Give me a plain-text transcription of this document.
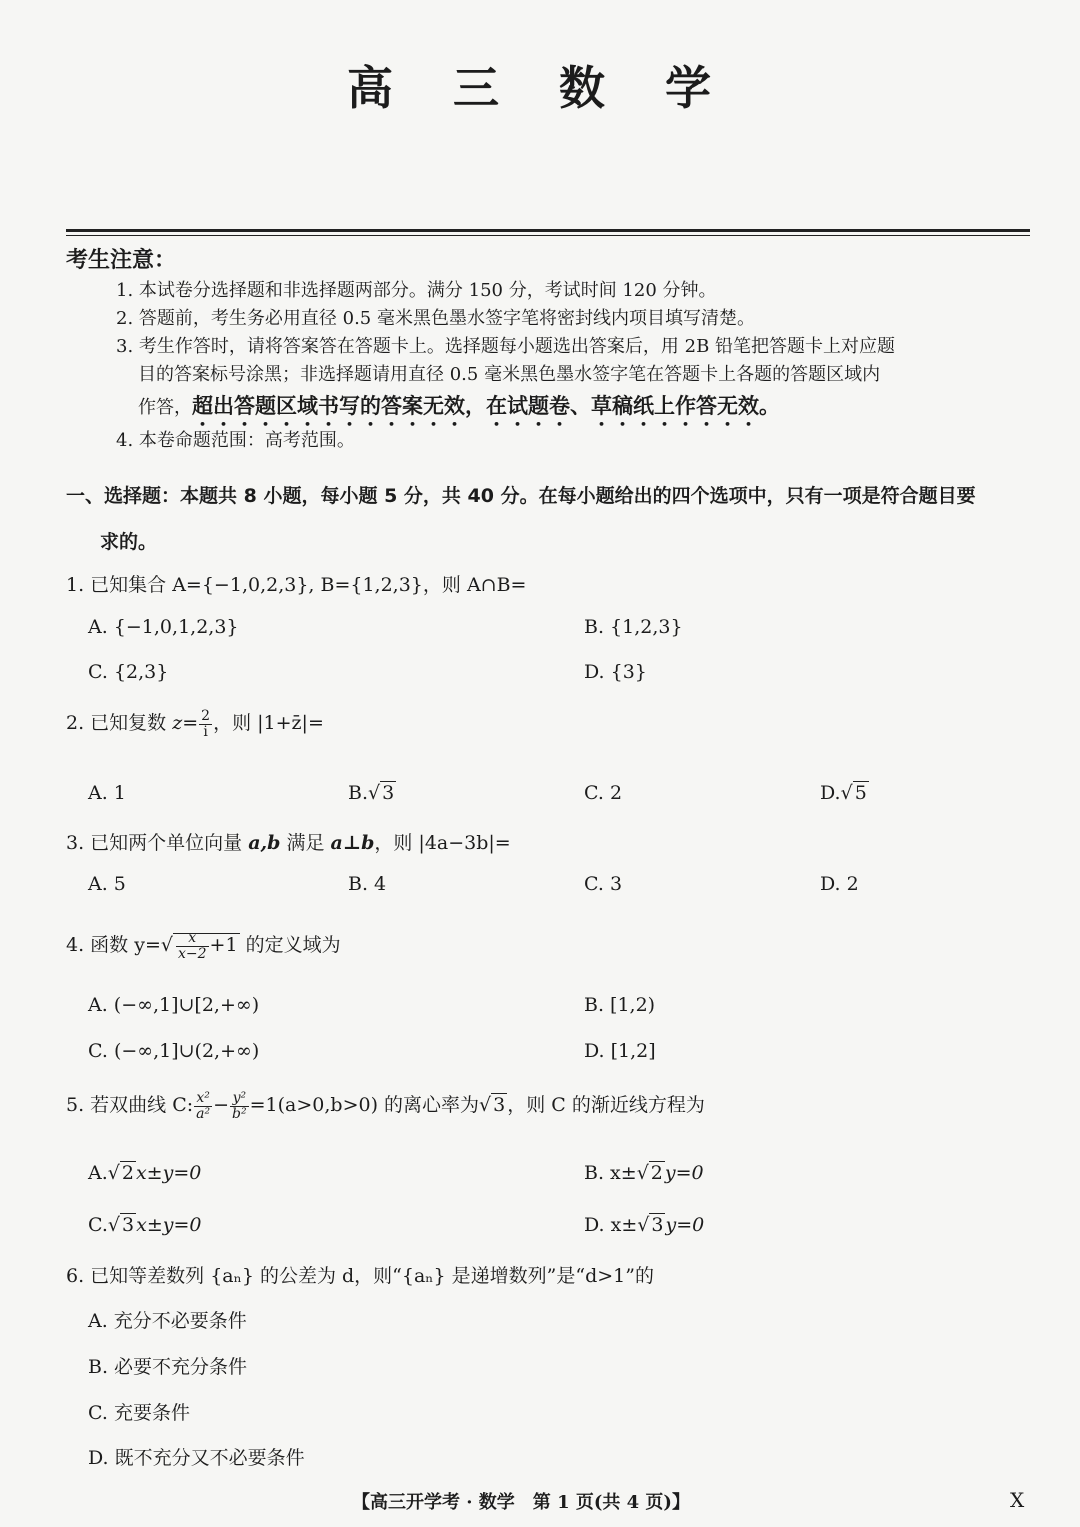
高 三 数 学
考生注意：
1. 本试卷分选择题和非选择题两部分。满分 150 分，考试时间 120 分钟。
2. 答题前，考生务必用直径 0.5 毫米黑色墨水签字笔将密封线内项目填写清楚。
3. 考生作答时，请将答案答在答题卡上。选择题每小题选出答案后，用 2B 铅笔把答题卡上对应题
目的答案标号涂黑；非选择题请用直径 0.5 毫米黑色墨水签字笔在答题卡上各题的答题区域内
作答，超出答题区域书写的答案无效，在试题卷、草稿纸上作答无效。
4. 本卷命题范围：高考范围。
一、选择题：本题共 8 小题，每小题 5 分，共 40 分。在每小题给出的四个选项中，只有一项是符合题目要
求的。
1. 已知集合 A={−1,0,2,3}, B={1,2,3}，则 A∩B=
A. {−1,0,1,2,3}	B. {1,2,3}
C. {2,3}	D. {3}
2. 已知复数 $z= \frac{2}{i}$ ，则 |1+z̄|=
A. 1	B.√ 3	C. 2	D.√ 5
3. 已知两个单位向量 a,b 满足 a⊥b，则 |4a−3b|=
A. 5	B. 4	C. 3	D. 2
4. 函数 $y=√ \frac{x}{x-2} +1$ 的定义域为
A. (−∞,1]∪[2,+∞)	B. [1,2)
C. (−∞,1]∪(2,+∞)	D. [1,2]
5. 若双曲线 C: $\frac{\text{x²}}{\text{a²}} - \frac{\text{y²}}{\text{b²}} =1(a>0,b>0)$ 的离心率为√ 3 ，则 C 的渐近线方程为
A.√ 2 x±y=0	B. x±√ 2 y=0
C.√ 3 x±y=0	D. x±√ 3 y=0
6. 已知等差数列 {aₙ} 的公差为 d，则“{aₙ} 是递增数列”是“d>1”的
A. 充分不必要条件
B. 必要不充分条件
C. 充要条件
D. 既不充分又不必要条件
【高三开学考 · 数学　第 1 页(共 4 页)】	X
